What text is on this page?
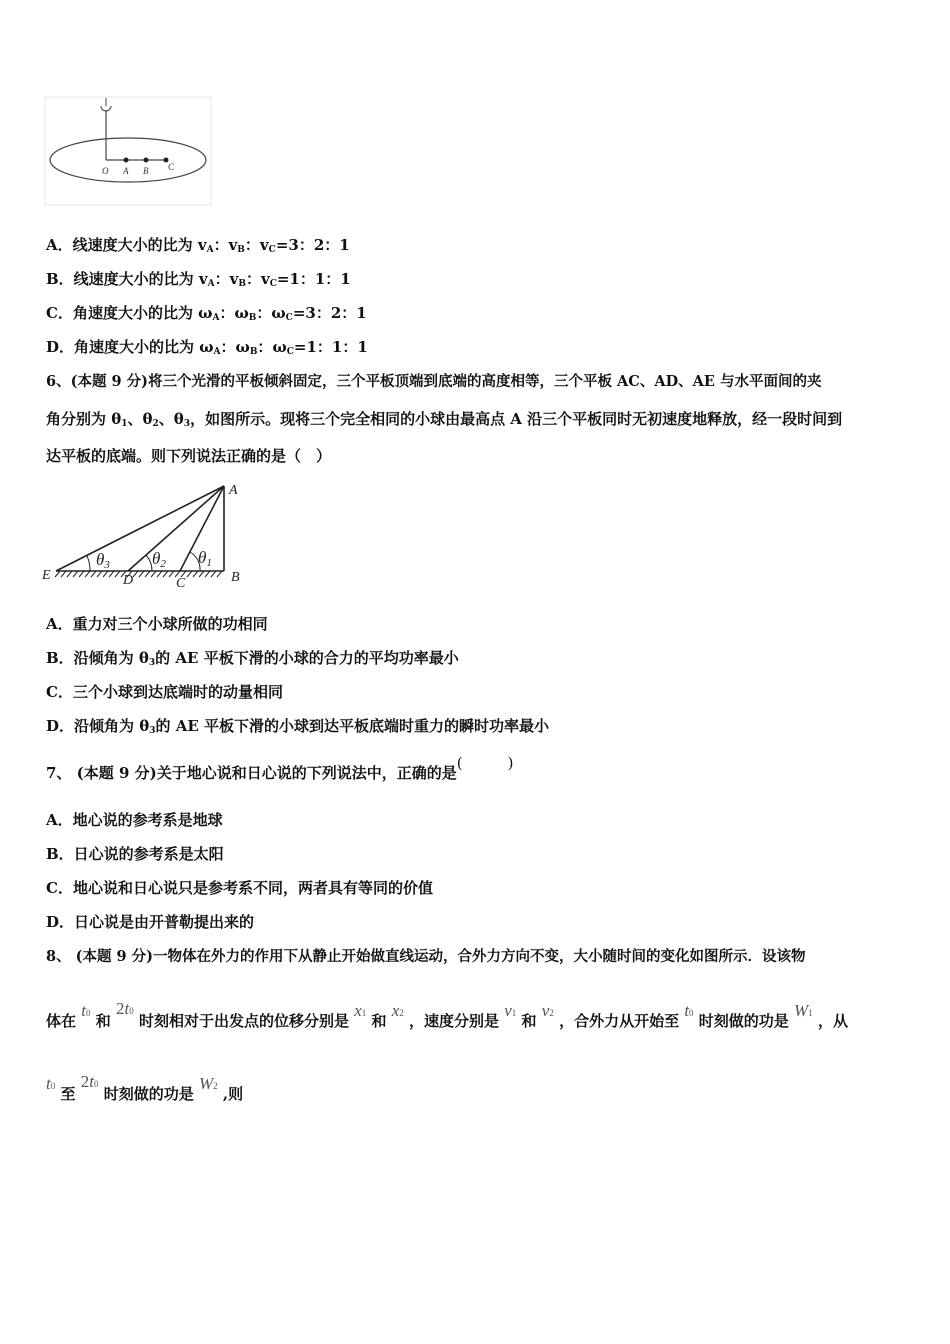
O A B C
A．线速度大小的比为 $v_A$：$v_B$：$v_C=3$：2：1
B．线速度大小的比为 $v_A$：$v_B$：$v_C=1$：1：1
C．角速度大小的比为 $\omega_A$：$\omega_B$：$\omega_C=3$：2：1
D．角速度大小的比为 $\omega_A$：$\omega_B$：$\omega_C=1$：1：1
6、(本题 9 分)将三个光滑的平板倾斜固定，三个平板顶端到底端的高度相等，三个平板 AC、AD、AE 与水平面间的夹
角分别为 $\theta_1$、$\theta_2$、$\theta_3$，如图所示。现将三个完全相同的小球由最高点 A 沿三个平板同时无初速度地释放，经一段时间到
达平板的底端。则下列说法正确的是（　）
A
B
C
D
E
θ3 θ2 θ1
A．重力对三个小球所做的功相同
B．沿倾角为 $\theta_3$的 AE 平板下滑的小球的合力的平均功率最小
C．三个小球到达底端时的动量相同
D．沿倾角为 $\theta_3$的 AE 平板下滑的小球到达平板底端时重力的瞬时功率最小
7、 (本题 9 分)关于地心说和日心说的下列说法中，正确的是(　　　)
A．地心说的参考系是地球
B．日心说的参考系是太阳
C．地心说和日心说只是参考系不同，两者具有等同的价值
D．日心说是由开普勒提出来的
8、 (本题 9 分)一物体在外力的作用下从静止开始做直线运动，合外力方向不变，大小随时间的变化如图所示．设该物
体在 t0 和 2t0 时刻相对于出发点的位移分别是 x1 和 x2 ，速度分别是 v1 和 v2 ，合外力从开始至 t0 时刻做的功是 W1 ，从
t0 至 2t0 时刻做的功是 W2 ,则
